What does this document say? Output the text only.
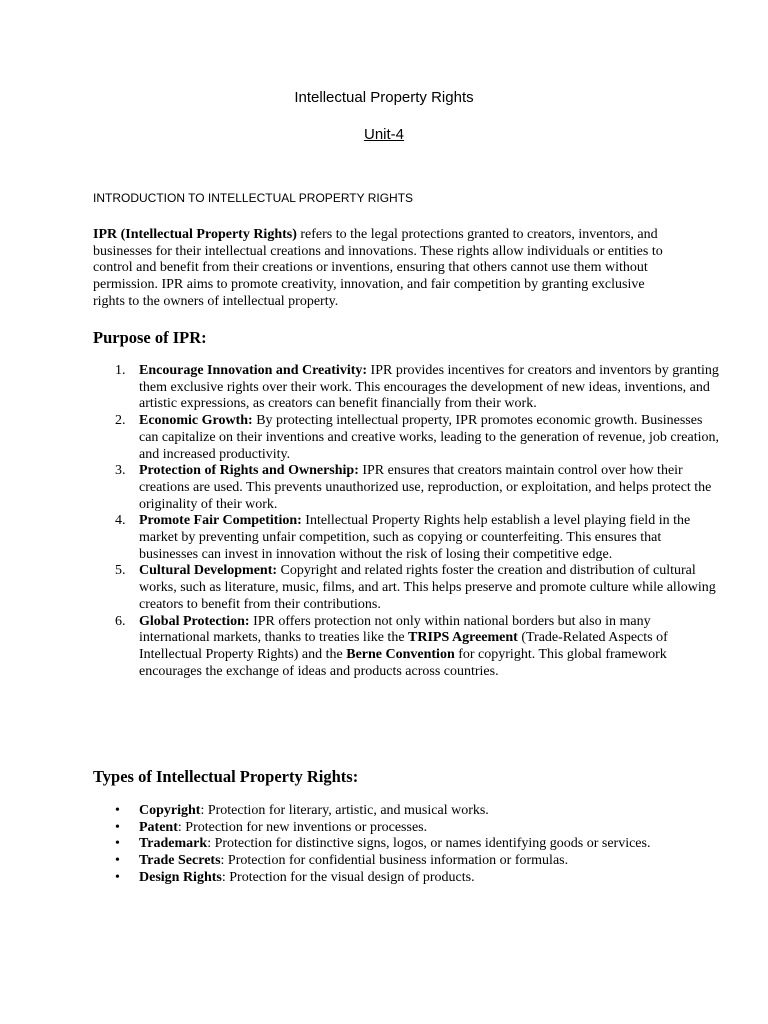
Intellectual Property Rights
Unit-4
INTRODUCTION TO INTELLECTUAL PROPERTY RIGHTS

IPR (Intellectual Property Rights) refers to the legal protections granted to creators, inventors, and businesses for their intellectual creations and innovations. These rights allow individuals or entities to control and benefit from their creations or inventions, ensuring that others cannot use them without permission. IPR aims to promote creativity, innovation, and fair competition by granting exclusive rights to the owners of intellectual property.

Purpose of IPR:
1. Encourage Innovation and Creativity: IPR provides incentives for creators and inventors by granting them exclusive rights over their work. This encourages the development of new ideas, inventions, and artistic expressions, as creators can benefit financially from their work.
2. Economic Growth: By protecting intellectual property, IPR promotes economic growth. Businesses can capitalize on their inventions and creative works, leading to the generation of revenue, job creation, and increased productivity.
3. Protection of Rights and Ownership: IPR ensures that creators maintain control over how their creations are used. This prevents unauthorized use, reproduction, or exploitation, and helps protect the originality of their work.
4. Promote Fair Competition: Intellectual Property Rights help establish a level playing field in the market by preventing unfair competition, such as copying or counterfeiting. This ensures that businesses can invest in innovation without the risk of losing their competitive edge.
5. Cultural Development: Copyright and related rights foster the creation and distribution of cultural works, such as literature, music, films, and art. This helps preserve and promote culture while allowing creators to benefit from their contributions.
6. Global Protection: IPR offers protection not only within national borders but also in many international markets, thanks to treaties like the TRIPS Agreement (Trade-Related Aspects of Intellectual Property Rights) and the Berne Convention for copyright. This global framework encourages the exchange of ideas and products across countries.
Types of Intellectual Property Rights:
• Copyright: Protection for literary, artistic, and musical works.
• Patent: Protection for new inventions or processes.
• Trademark: Protection for distinctive signs, logos, or names identifying goods or services.
• Trade Secrets: Protection for confidential business information or formulas.
• Design Rights: Protection for the visual design of products.
